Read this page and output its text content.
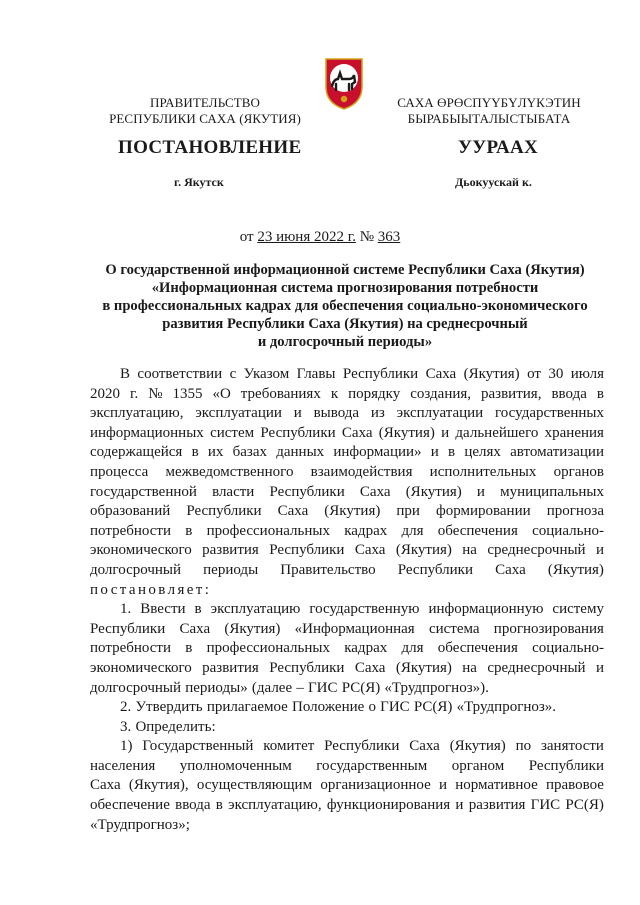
ПРАВИТЕЛЬСТВО
РЕСПУБЛИКИ САХА (ЯКУТИЯ)
САХА ӨРӨСПҮҮБҮЛҮКЭТИН
БЫРАБЫЫТАЛЫСТЫБАТА
ПОСТАНОВЛЕНИЕ	УУРААХ
г. Якутск	Дьокуускай к.
от 23 июня 2022 г. № 363
О государственной информационной системе Республики Саха (Якутия)
«Информационная система прогнозирования потребности
в профессиональных кадрах для обеспечения социально-экономического
развития Республики Саха (Якутия) на среднесрочный
и долгосрочный периоды»
В соответствии с Указом Главы Республики Саха (Якутия) от 30 июля
2020 г. № 1355 «О требованиях к порядку создания, развития, ввода в
эксплуатацию, эксплуатации и вывода из эксплуатации государственных
информационных систем Республики Саха (Якутия) и дальнейшего хранения
содержащейся в их базах данных информации» и в целях автоматизации
процесса межведомственного взаимодействия исполнительных органов
государственной власти Республики Саха (Якутия) и муниципальных
образований Республики Саха (Якутия) при формировании прогноза
потребности в профессиональных кадрах для обеспечения социально-
экономического развития Республики Саха (Якутия) на среднесрочный и
долгосрочный периоды Правительство Республики Саха (Якутия)
постановляет:
1. Ввести в эксплуатацию государственную информационную систему
Республики Саха (Якутия) «Информационная система прогнозирования
потребности в профессиональных кадрах для обеспечения социально-
экономического развития Республики Саха (Якутия) на среднесрочный и
долгосрочный периоды» (далее – ГИС РС(Я) «Трудпрогноз»).
2. Утвердить прилагаемое Положение о ГИС РС(Я) «Трудпрогноз».
3. Определить:
1) Государственный комитет Республики Саха (Якутия) по занятости
населения уполномоченным государственным органом Республики
Саха (Якутия), осуществляющим организационное и нормативное правовое
обеспечение ввода в эксплуатацию, функционирования и развития ГИС РС(Я)
«Трудпрогноз»;
